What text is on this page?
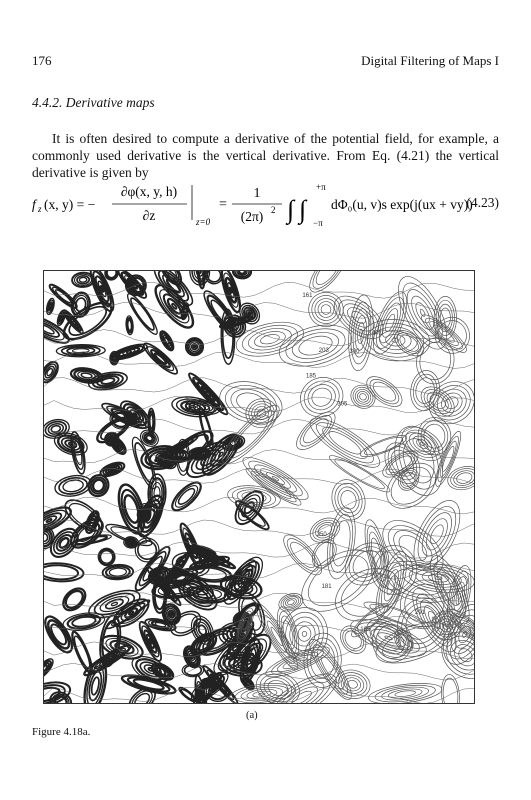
176	Digital Filtering of Maps I
4.4.2. Derivative maps
It is often desired to compute a derivative of the potential field, for example, a commonly used derivative is the vertical derivative. From Eq. (4.21) the vertical derivative is given by
f z (x, y) = −
∂φ(x, y, h)
∂z	z=0
=
1
(2π) 2 ∫ ∫
+π
−π
dΦ₀(u, v)s exp(j(ux + vy))
(4.23)
291
185
305
185
401
203
181
161
300
250
(a)
Figure 4.18a.
